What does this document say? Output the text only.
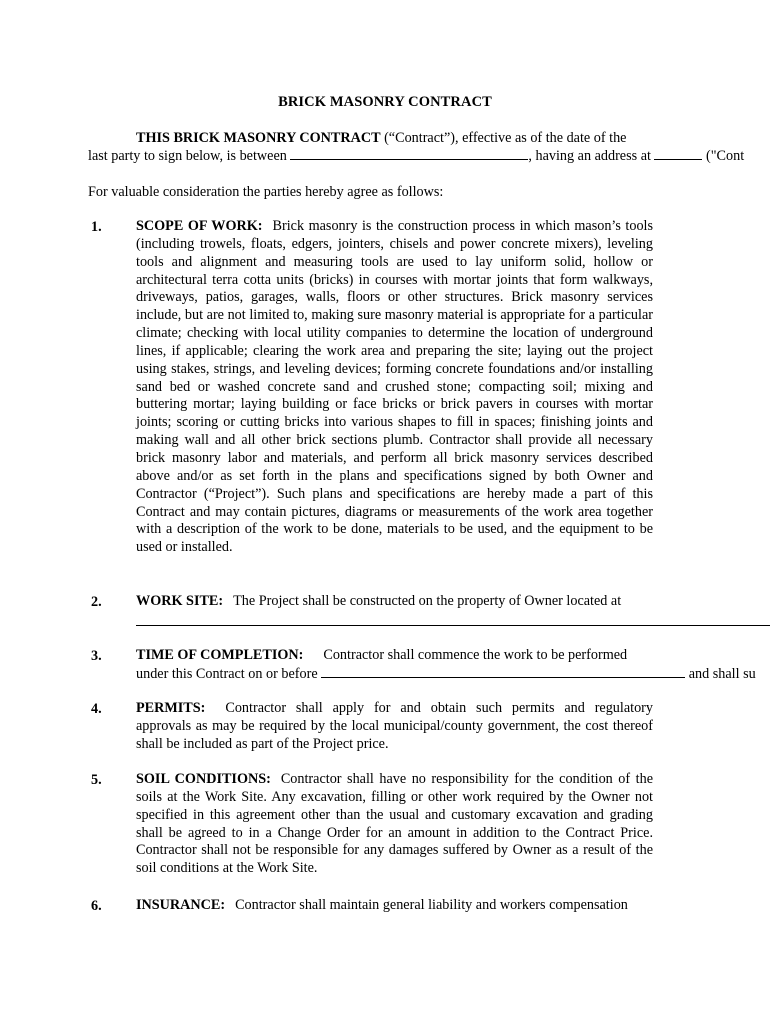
BRICK MASONRY CONTRACT
THIS BRICK MASONRY CONTRACT (“Contract”), effective as of the date of the
last party to sign below, is between	, having an address at	("Cont
For valuable consideration the parties hereby agree as follows:
1. SCOPE OF WORK: Brick masonry is the construction process in which mason’s tools (including trowels, floats, edgers, jointers, chisels and power concrete mixers), leveling tools and alignment and measuring tools are used to lay uniform solid, hollow or architectural terra cotta units (bricks) in courses with mortar joints that form walkways, driveways, patios, garages, walls, floors or other structures. Brick masonry services include, but are not limited to, making sure masonry material is appropriate for a particular climate; checking with local utility companies to determine the location of underground lines, if applicable; clearing the work area and preparing the site; laying out the project using stakes, strings, and leveling devices; forming concrete foundations and/or installing sand bed or washed concrete sand and crushed stone; compacting soil; mixing and buttering mortar; laying building or face bricks or brick pavers in courses with mortar joints; scoring or cutting bricks into various shapes to fill in spaces; finishing joints and making wall and all other brick sections plumb. Contractor shall provide all necessary brick masonry labor and materials, and perform all brick masonry services described above and/or as set forth in the plans and specifications signed by both Owner and Contractor (“Project”). Such plans and specifications are hereby made a part of this Contract and may contain pictures, diagrams or measurements of the work area together with a description of the work to be done, materials to be used, and the equipment to be used or installed.
2. WORK SITE: The Project shall be constructed on the property of Owner located at
3. TIME OF COMPLETION: Contractor shall commence the work to be performed
under this Contract on or before	and shall su
4. PERMITS: Contractor shall apply for and obtain such permits and regulatory approvals as may be required by the local municipal/county government, the cost thereof shall be included as part of the Project price.
5. SOIL CONDITIONS: Contractor shall have no responsibility for the condition of the soils at the Work Site. Any excavation, filling or other work required by the Owner not specified in this agreement other than the usual and customary excavation and grading shall be agreed to in a Change Order for an amount in addition to the Contract Price. Contractor shall not be responsible for any damages suffered by Owner as a result of the soil conditions at the Work Site.
6. INSURANCE: Contractor shall maintain general liability and workers compensation
